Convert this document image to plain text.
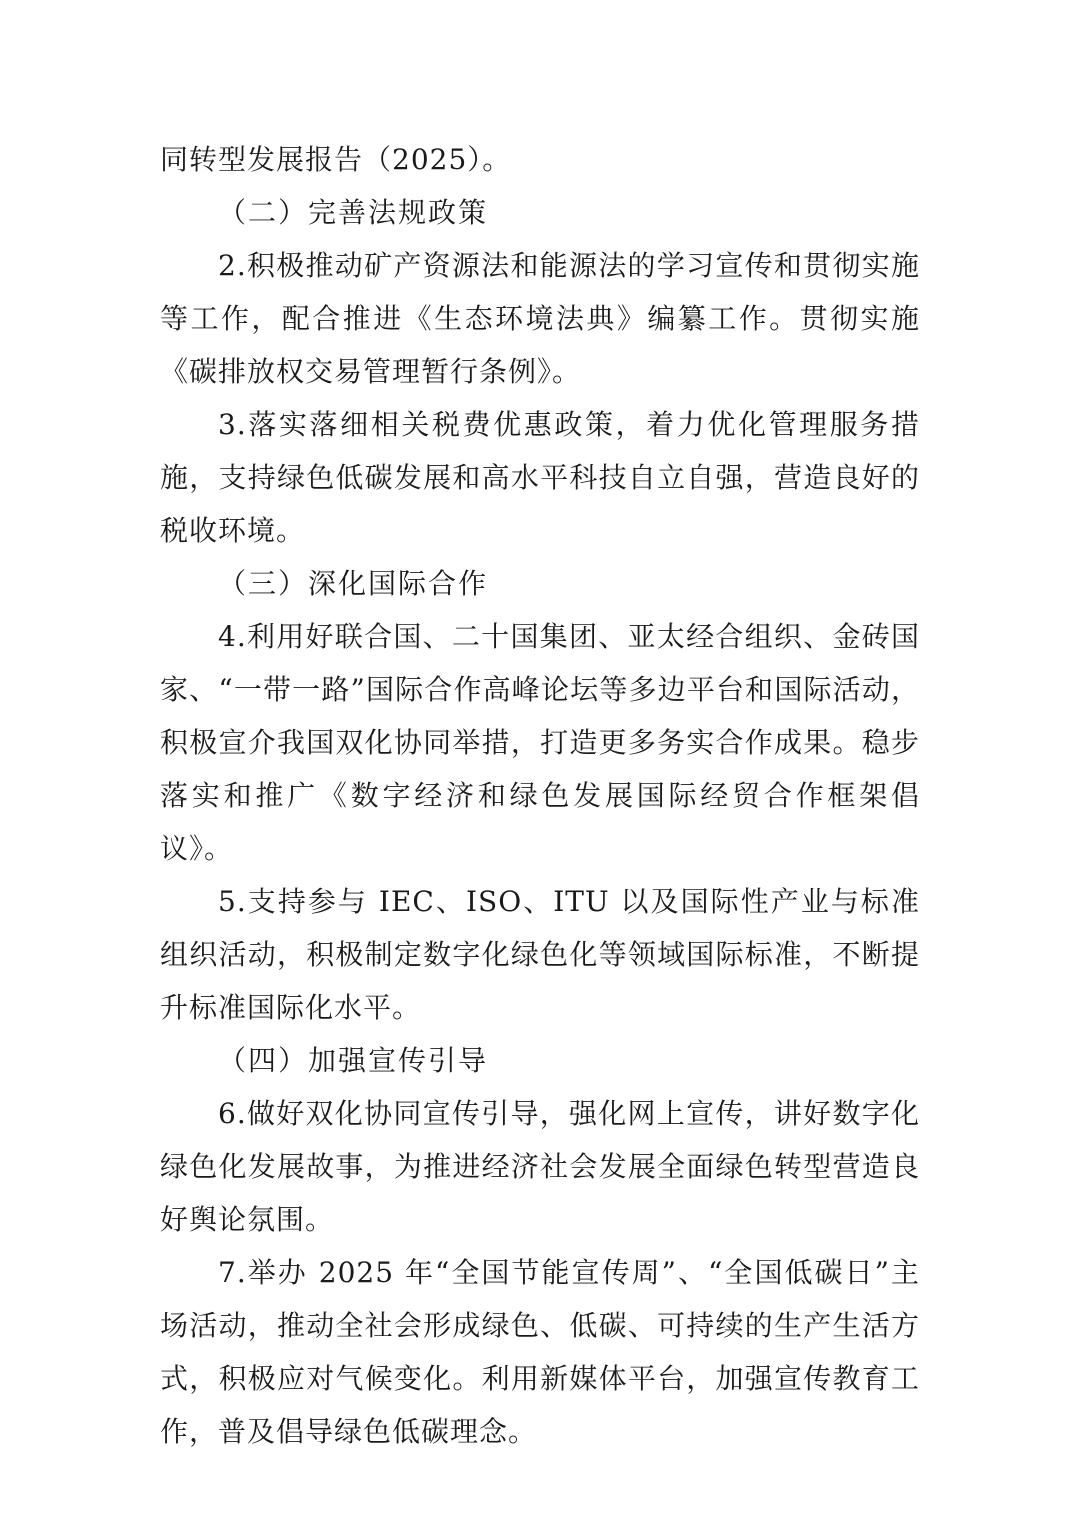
同转型发展报告（2025）。

（二）完善法规政策

2.积极推动矿产资源法和能源法的学习宣传和贯彻实施等工作，配合推进《生态环境法典》编纂工作。贯彻实施《碳排放权交易管理暂行条例》。

3.落实落细相关税费优惠政策，着力优化管理服务措施，支持绿色低碳发展和高水平科技自立自强，营造良好的税收环境。

（三）深化国际合作

4.利用好联合国、二十国集团、亚太经合组织、金砖国家、“一带一路”国际合作高峰论坛等多边平台和国际活动，积极宣介我国双化协同举措，打造更多务实合作成果。稳步落实和推广《数字经济和绿色发展国际经贸合作框架倡议》。

5.支持参与 IEC、ISO、ITU 以及国际性产业与标准组织活动，积极制定数字化绿色化等领域国际标准，不断提升标准国际化水平。

（四）加强宣传引导

6.做好双化协同宣传引导，强化网上宣传，讲好数字化绿色化发展故事，为推进经济社会发展全面绿色转型营造良好舆论氛围。

7.举办 2025 年“全国节能宣传周”、“全国低碳日”主场活动，推动全社会形成绿色、低碳、可持续的生产生活方式，积极应对气候变化。利用新媒体平台，加强宣传教育工作，普及倡导绿色低碳理念。
